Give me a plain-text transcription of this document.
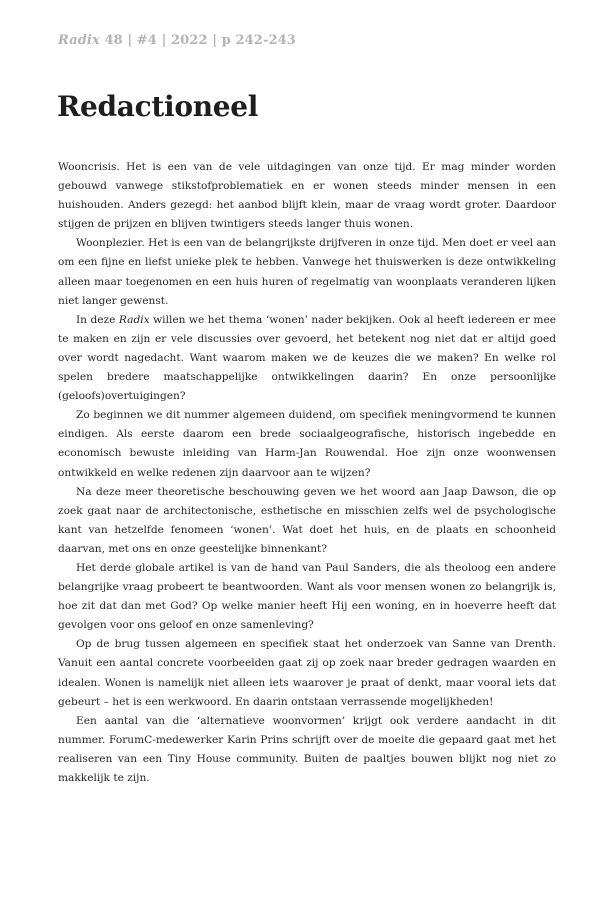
Radix 48 | #4 | 2022 | p 242-243
Redactioneel

Wooncrisis. Het is een van de vele uitdagingen van onze tijd. Er mag minder worden gebouwd vanwege stikstofproblematiek en er wonen steeds minder mensen in een huishouden. Anders gezegd: het aanbod blijft klein, maar de vraag wordt groter. Daardoor stijgen de prijzen en blijven twintigers steeds langer thuis wonen.

Woonplezier. Het is een van de belangrijkste drijfveren in onze tijd. Men doet er veel aan om een fijne en liefst unieke plek te hebben. Vanwege het thuiswerken is deze ontwikkeling alleen maar toegenomen en een huis huren of regelmatig van woonplaats veranderen lijken niet langer gewenst.

In deze Radix willen we het thema ‘wonen’ nader bekijken. Ook al heeft iedereen er mee te maken en zijn er vele discussies over gevoerd, het betekent nog niet dat er altijd goed over wordt nagedacht. Want waarom maken we de keuzes die we maken? En welke rol spelen bredere maatschappelijke ontwikkelingen daarin? En onze persoonlijke (geloofs)overtuigingen?

Zo beginnen we dit nummer algemeen duidend, om specifiek meningvormend te kunnen eindigen. Als eerste daarom een brede sociaalgeografische, historisch ingebedde en economisch bewuste inleiding van Harm-Jan Rouwendal. Hoe zijn onze woonwensen ontwikkeld en welke redenen zijn daarvoor aan te wijzen?

Na deze meer theoretische beschouwing geven we het woord aan Jaap Dawson, die op zoek gaat naar de architectonische, esthetische en misschien zelfs wel de psychologische kant van hetzelfde fenomeen ‘wonen’. Wat doet het huis, en de plaats en schoonheid daarvan, met ons en onze geestelijke binnenkant?

Het derde globale artikel is van de hand van Paul Sanders, die als theoloog een andere belangrijke vraag probeert te beantwoorden. Want als voor mensen wonen zo belangrijk is, hoe zit dat dan met God? Op welke manier heeft Hij een woning, en in hoeverre heeft dat gevolgen voor ons geloof en onze samenleving?

Op de brug tussen algemeen en specifiek staat het onderzoek van Sanne van Drenth. Vanuit een aantal concrete voorbeelden gaat zij op zoek naar breder gedragen waarden en idealen. Wonen is namelijk niet alleen iets waarover je praat of denkt, maar vooral iets dat gebeurt – het is een werkwoord. En daarin ontstaan verrassende mogelijkheden!

Een aantal van die ‘alternatieve woonvormen’ krijgt ook verdere aandacht in dit nummer. ForumC-medewerker Karin Prins schrijft over de moeite die gepaard gaat met het realiseren van een Tiny House community. Buiten de paaltjes bouwen blijkt nog niet zo makkelijk te zijn.
